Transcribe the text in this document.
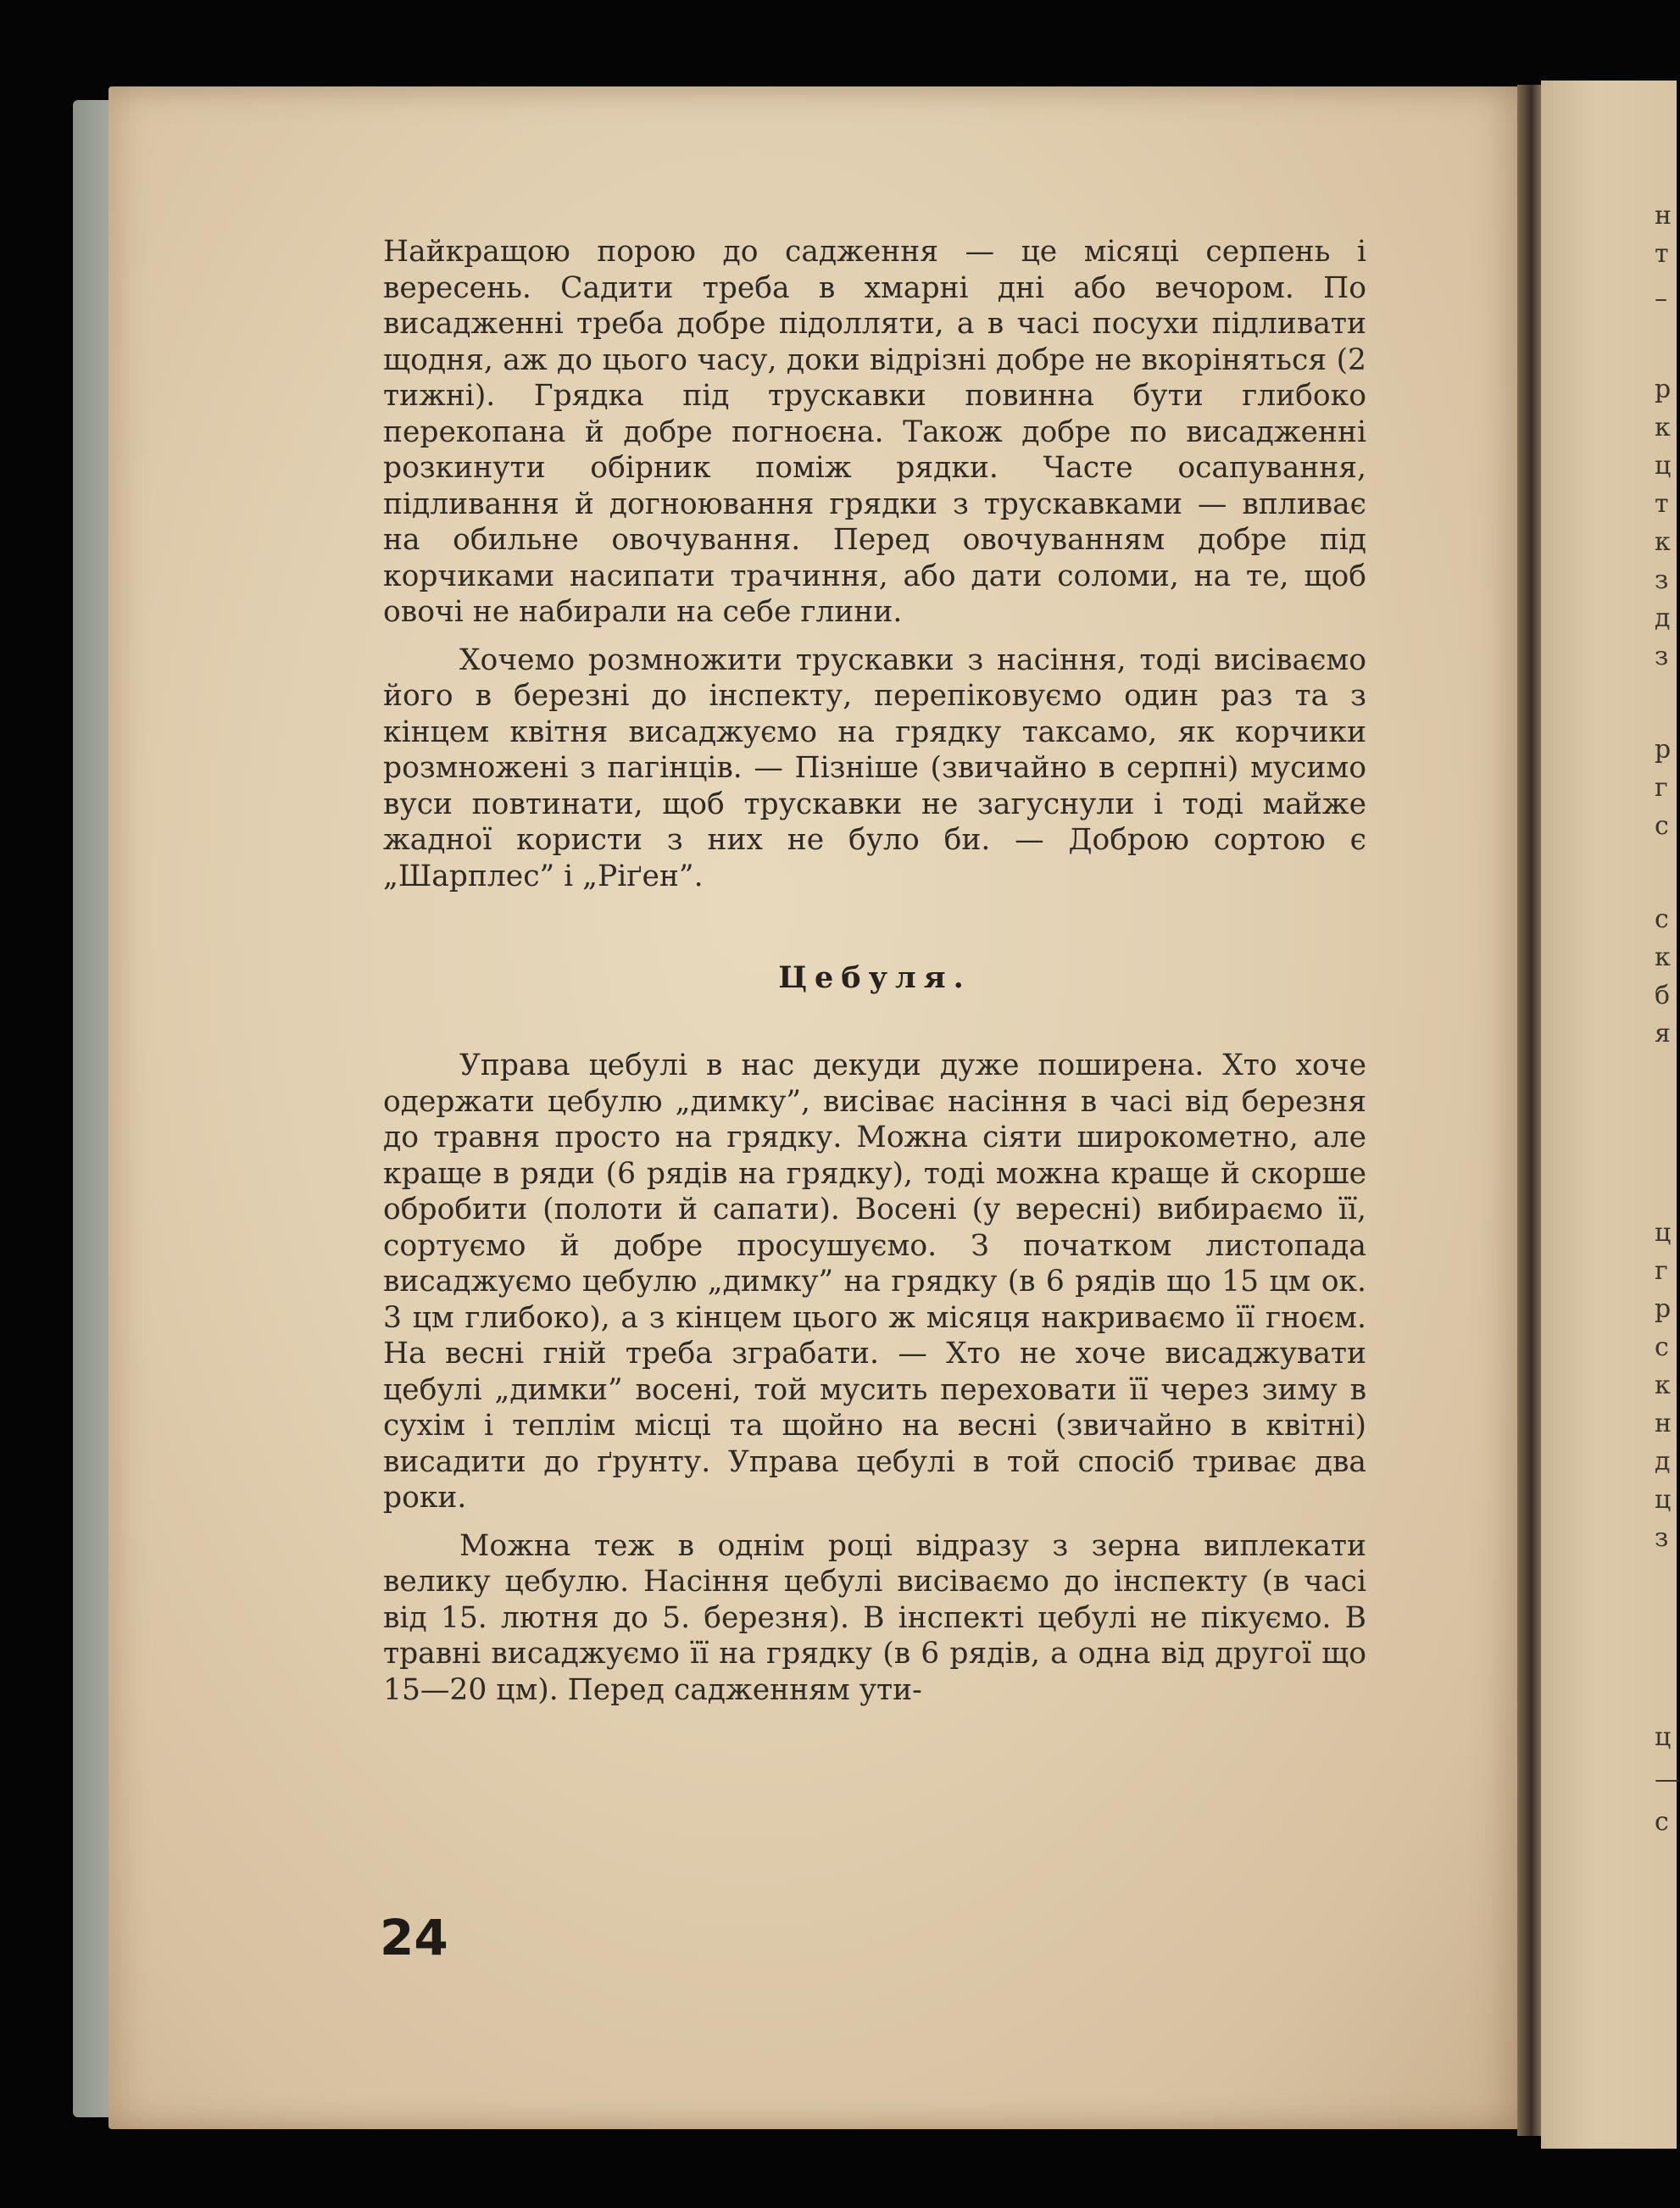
н
т
–
р
к
ц
т
к
з
д
з
р
г
с
с
к
б
я
ц
г
р
с
к
н
д
ц
з
ц
—
с

Найкращою порою до садження — це місяці серпень і вересень. Садити треба в хмарні дні або вечором. По висадженні треба добре підолляти, а в часі посухи підливати щодня, аж до цього часу, доки відрізні добре не вкоріняться (2 тижні). Грядка під трускавки повинна бути глибоко перекопана й добре погноєна. Також добре по висадженні розкинути обірник поміж рядки. Часте осапування, підливання й догноювання грядки з трускавками — впливає на обильне овочування. Перед овочуванням добре під корчиками насипати трачиння, або дати соломи, на те, щоб овочі не набирали на себе глини.

Хочемо розмножити трускавки з насіння, тоді висіваємо його в березні до інспекту, перепіковуємо один раз та з кінцем квітня висаджуємо на грядку таксамо, як корчики розмножені з пагінців. — Пізніше (звичайно в серпні) мусимо вуси повтинати, щоб трускавки не загуснули і тоді майже жадної користи з них не було би. — Доброю сортою є „Шарплес” і „Ріґен”.

Цебуля.

Управа цебулі в нас декуди дуже поширена. Хто хоче одержати цебулю „димку”, висіває насіння в часі від березня до травня просто на грядку. Можна сіяти широкометно, але краще в ряди (6 рядів на грядку), тоді можна краще й скорше обробити (полоти й сапати). Восені (у вересні) вибираємо її, сортуємо й добре просушуємо. З початком листопада висаджуємо цебулю „димку” на грядку (в 6 рядів що 15 цм ок. 3 цм глибоко), а з кінцем цього ж місяця накриваємо її гноєм. На весні гній треба зграбати. — Хто не хоче висаджувати цебулі „димки” восені, той мусить переховати її через зиму в сухім і теплім місці та щойно на весні (звичайно в квітні) висадити до ґрунту. Управа цебулі в той спосіб триває два роки.

Можна теж в однім році відразу з зерна виплекати велику цебулю. Насіння цебулі висіваємо до інспекту (в часі від 15. лютня до 5. березня). В інспекті цебулі не пікуємо. В травні висаджуємо її на грядку (в 6 рядів, а одна від другої що 15—20 цм). Перед садженням ути-

24
